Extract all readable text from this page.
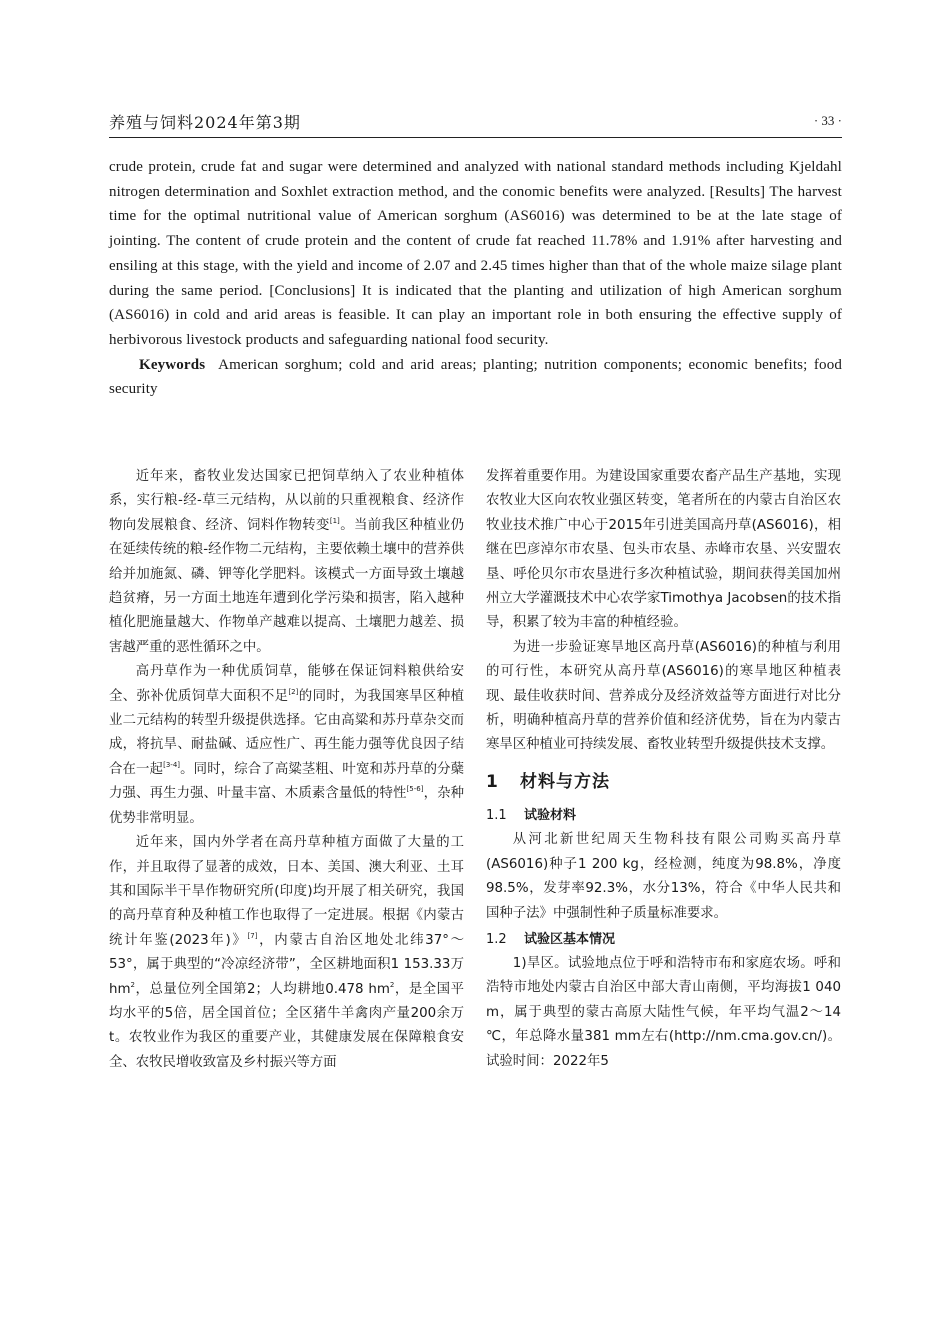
养殖与饲料2024年第3期	· 33 ·

crude protein, crude fat and sugar were determined and analyzed with national standard methods including Kjeldahl nitrogen determination and Soxhlet extraction method, and the conomic benefits were analyzed. [Results] The harvest time for the optimal nutritional value of American sorghum (AS6016) was determined to be at the late stage of jointing. The content of crude protein and the content of crude fat reached 11.78% and 1.91% after harvesting and ensiling at this stage, with the yield and income of 2.07 and 2.45 times higher than that of the whole maize silage plant during the same period. [Conclusions] It is indicated that the planting and utilization of high American sorghum (AS6016) in cold and arid areas is feasible. It can play an important role in both ensuring the effective supply of herbivorous livestock products and safeguarding national food security.

Keywords American sorghum; cold and arid areas; planting; nutrition components; economic benefits; food security

近年来，畜牧业发达国家已把饲草纳入了农业种植体系，实行粮-经-草三元结构，从以前的只重视粮食、经济作物向发展粮食、经济、饲料作物转变[1]。当前我区种植业仍在延续传统的粮-经作物二元结构，主要依赖土壤中的营养供给并加施氮、磷、钾等化学肥料。该模式一方面导致土壤越趋贫瘠，另一方面土地连年遭到化学污染和损害，陷入越种植化肥施量越大、作物单产越难以提高、土壤肥力越差、损害越严重的恶性循环之中。

高丹草作为一种优质饲草，能够在保证饲料粮供给安全、弥补优质饲草大面积不足[2]的同时，为我国寒旱区种植业二元结构的转型升级提供选择。它由高粱和苏丹草杂交而成，将抗旱、耐盐碱、适应性广、再生能力强等优良因子结合在一起[3-4]。同时，综合了高粱茎粗、叶宽和苏丹草的分蘖力强、再生力强、叶量丰富、木质素含量低的特性[5-6]，杂种优势非常明显。

近年来，国内外学者在高丹草种植方面做了大量的工作，并且取得了显著的成效，日本、美国、澳大利亚、土耳其和国际半干旱作物研究所(印度)均开展了相关研究，我国的高丹草育种及种植工作也取得了一定进展。根据《内蒙古统计年鉴(2023年)》[7]，内蒙古自治区地处北纬37°～53°，属于典型的“冷凉经济带”，全区耕地面积1 153.33万$hm^2$，总量位列全国第2；人均耕地0.478 $hm^2$，是全国平均水平的5倍，居全国首位；全区猪牛羊禽肉产量200余万t。农牧业作为我区的重要产业，其健康发展在保障粮食安全、农牧民增收致富及乡村振兴等方面

发挥着重要作用。为建设国家重要农畜产品生产基地，实现农牧业大区向农牧业强区转变，笔者所在的内蒙古自治区农牧业技术推广中心于2015年引进美国高丹草(AS6016)，相继在巴彦淖尔市农垦、包头市农垦、赤峰市农垦、兴安盟农垦、呼伦贝尔市农垦进行多次种植试验，期间获得美国加州州立大学灌溉技术中心农学家Timothya Jacobsen的技术指导，积累了较为丰富的种植经验。

为进一步验证寒旱地区高丹草(AS6016)的种植与利用的可行性，本研究从高丹草(AS6016)的寒旱地区种植表现、最佳收获时间、营养成分及经济效益等方面进行对比分析，明确种植高丹草的营养价值和经济优势，旨在为内蒙古寒旱区种植业可持续发展、畜牧业转型升级提供技术支撑。

1 材料与方法
1.1 试验材料

从河北新世纪周天生物科技有限公司购买高丹草(AS6016)种子1 200 kg，经检测，纯度为98.8%，净度98.5%，发芽率92.3%，水分13%，符合《中华人民共和国种子法》中强制性种子质量标准要求。

1.2 试验区基本情况

1)旱区。试验地点位于呼和浩特市布和家庭农场。呼和浩特市地处内蒙古自治区中部大青山南侧，平均海拔1 040 m，属于典型的蒙古高原大陆性气候，年平均气温2～14 ℃，年总降水量381 mm左右(http://nm.cma.gov.cn/)。试验时间：2022年5
